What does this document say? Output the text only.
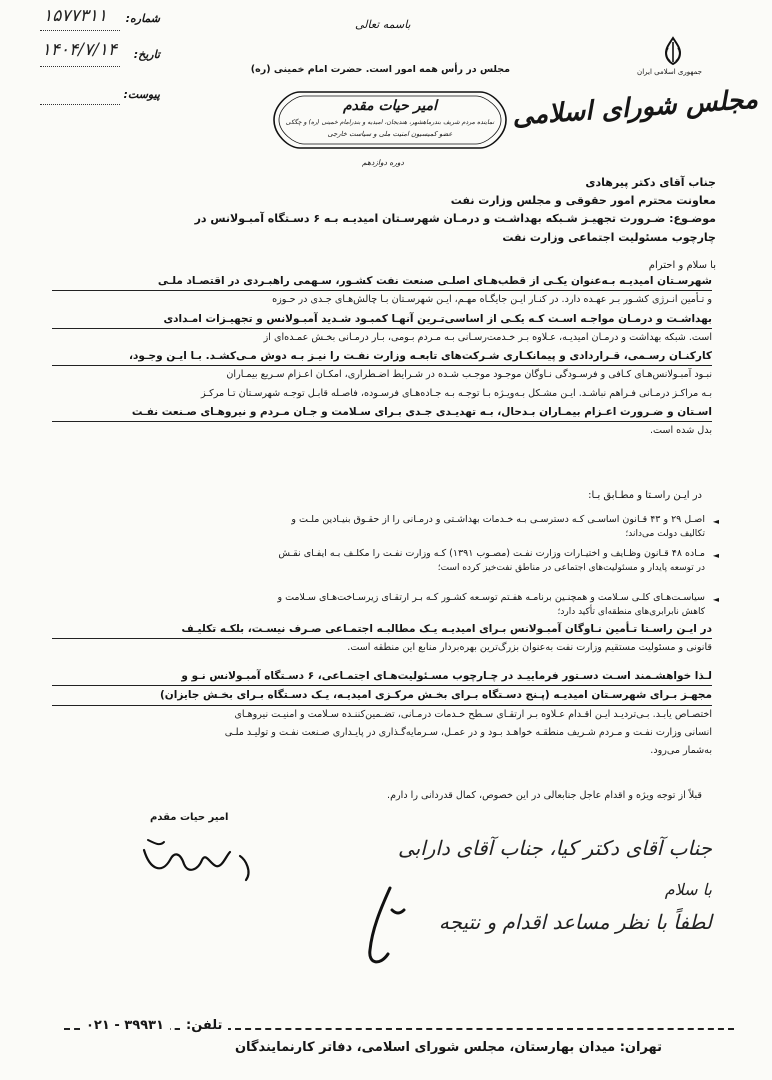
جمهوری اسلامی ایران
مجلس شورای اسلامی
باسمه تعالی
مجلس در رأس همه امور است. حضرت امام خمینی (ره)
امیر حیات مقدم
نماینده مردم شریف بندرماهشهر، هندیجان، امیدیه و بندرامام خمینی (ره) و چگکی
عضو کمیسیون امنیت ملی و سیاست خارجی
دوره دوازدهم
شماره:
۱۵۷۷۳۱۱
تاریخ:
۱۴۰۴/۷/۱۴
پیوست:
جناب آقای دکتر پیرهادی
معاونت محترم امور حقوقی و مجلس وزارت نفت
موضـوع: ضـرورت تجهیـز شـبکه بهداشـت و درمـان شهرسـتان امیدیـه بـه ۶ دسـتگاه آمبـولانس در
چارچوب مسئولیت اجتماعی وزارت نفت
با سلام و احترام
شهرسـتان امیدیـه بـه‌عنوان یکـی از قطب‌هـای اصلـی صنعت نفت کشـور، سـهمی راهبـردی در اقتصـاد ملـی
و تـأمین انـرژی کشـور بـر عهـده دارد. در کنـار ایـن جایگـاه مهـم، ایـن شهرسـتان بـا چالش‌هـای جـدی در حـوزه
بهداشـت و درمـان مواجـه اسـت کـه یکـی از اساسی‌تـرین آنهـا کمبـود شـدید آمبـولانس و تجهیـزات امـدادی
است. شبکه بهداشت و درمـان امیدیـه، عـلاوه بـر خـدمت‌رسـانی بـه مـردم بـومی، بـار درمـانی بخـش عمـده‌ای از
کارکنـان رسـمی، قـراردادی و پیمانکـاری شـرکت‌های تابعـه وزارت نفـت را نیـز بـه دوش مـی‌کشـد. بـا ایـن وجـود،
نبـود آمبـولانس‌هـای کـافی و فرسـودگی نـاوگان موجـود موجـب شـده در شـرایط اضـطراری، امکـان اعـزام سـریع بیمـاران
بـه مراکـز درمـانی فـراهم نباشـد. ایـن مشـکل بـه‌ویـژه بـا توجـه بـه جـاده‌هـای فرسـوده، فاصـله قابـل توجـه شهرسـتان تـا مرکـز
اسـتان و ضـرورت اعـزام بیمـاران بـدحال، بـه تهدیـدی جـدی بـرای سـلامت و جـان مـردم و نیروهـای صـنعت نفـت
بدل شده است.
در ایـن راسـتا و مطـابق بـا:
◄
اصـل ۲۹ و ۴۳ قـانون اساسـی کـه دسترسـی بـه خـدمات بهداشـتی و درمـانی را از حقـوق بنیـادین ملـت و
تکالیف دولت می‌داند؛
◄
مـاده ۴۸ قـانون وظـایف و اختیـارات وزارت نفـت (مصـوب ۱۳۹۱) کـه وزارت نفـت را مکلـف بـه ایفـای نقـش
در توسعه پایدار و مسئولیت‌های اجتماعی در مناطق نفت‌خیز کرده است؛
◄
سیاسـت‌هـای کلـی سـلامت و همچنـین برنامـه هفـتم توسـعه کشـور کـه بـر ارتقـای زیرسـاخت‌هـای سـلامت و
کاهش نابرابری‌های منطقه‌ای تأکید دارد؛
در ایـن راسـتا تـأمین نـاوگان آمبـولانس بـرای امیدیـه یـک مطالبـه اجتمـاعی صـرف نیسـت، بلکـه تکلیـف
قانونی و مسئولیت مستقیم وزارت نفت به‌عنوان بزرگ‌ترین بهره‌بردار منابع این منطقه است.
لـذا خواهشـمند اسـت دسـتور فرماییـد در چـارچوب مسـئولیت‌هـای اجتمـاعی، ۶ دسـتگاه آمبـولانس نـو و
مجهـز بـرای شهرسـتان امیدیـه (پـنج دسـتگاه بـرای بخـش مرکـزی امیدیـه، یـک دسـتگاه بـرای بخـش جایزان)
اختصـاص یابـد. بـی‌تردیـد ایـن اقـدام عـلاوه بـر ارتقـای سـطح خـدمات درمـانی، تضـمین‌کننـده سـلامت و امنیـت نیروهـای
انسانی وزارت نفـت و مـردم شـریف منطقـه خواهـد بـود و در عمـل، سـرمایه‌گـذاری در پایـداری صـنعت نفـت و تولیـد ملـی
به‌شمار می‌رود.
قبلاً از توجه ویژه و اقدام عاجل جنابعالی در این خصوص، کمال قدردانی را دارم.
امیر حیات مقدم
جناب آقای دکتر کیا، جناب آقای دارابی
با سلام
لطفاً با نظر مساعد اقدام و نتیجه
۳۹۹۳۱ - ۰۲۱	تلفن:
تهران: میدان بهارستان، مجلس شورای اسلامی، دفاتر کارنمایندگان
